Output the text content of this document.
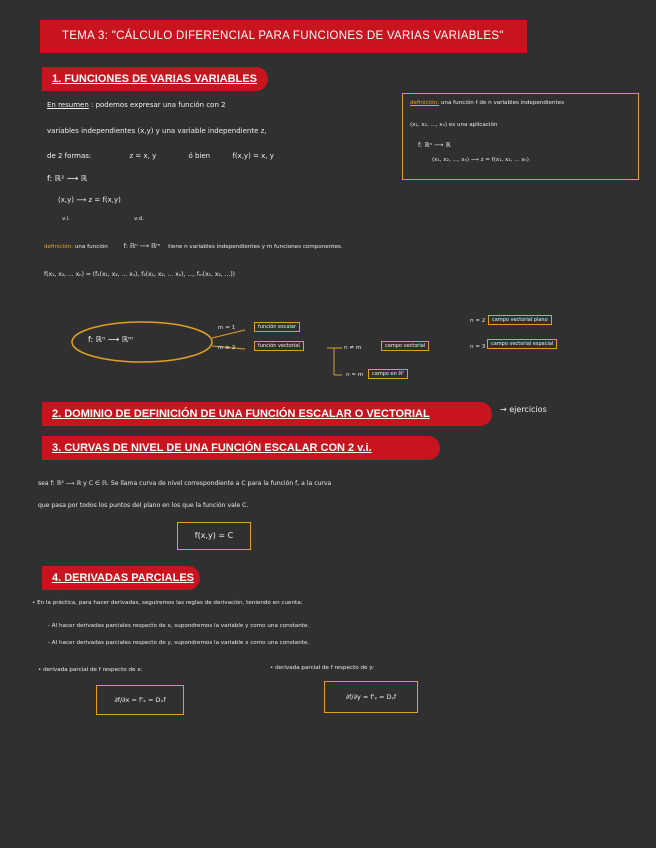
TEMA 3: "CÁLCULO DIFERENCIAL PARA FUNCIONES DE VARIAS VARIABLES"
1. FUNCIONES DE VARIAS VARIABLES
En resumen : podemos expresar una función con 2
variables independientes (x,y) y una variable independiente z,
de 2 formas:	z = x, y	ó bien	f(x,y) = x, y
f: ℝ² ⟶ ℝ
(x,y) ⟶ z = f(x,y)
v.i.	v.d.
definición: una función f de n variables independientes
(x₁, x₂, ..., xₙ) es una aplicación
f: ℝⁿ ⟶ ℝ
(x₁, x₂, ..., xₙ) ⟶ z = f(x₁, x₂, ... xₙ)
definición: una función f: ℝⁿ ⟶ ℝᵐ tiene n variables independientes y m funciones componentes.
f(x₁, x₂, ... xₙ) = (f₁(x₁, x₂, ... xₙ), f₂(x₁, x₂, ... xₙ), ..., fₘ(x₁, x₂, ...))
f: ℝⁿ ⟶ ℝᵐ
m = 1	función escalar
m ≥ 2	función vectorial	n ≠ m	campo vectorial
n = m	campo en ℝⁿ
n = 2	campo vectorial plano
n = 3	campo vectorial espacial
2. DOMINIO DE DEFINICIÓN DE UNA FUNCIÓN ESCALAR O VECTORIAL	→ ejercicios
3. CURVAS DE NIVEL DE UNA FUNCIÓN ESCALAR CON 2 v.i.
sea f: ℝ² ⟶ ℝ y C ∈ ℝ. Se llama curva de nivel correspondiente a C para la función f, a la curva
que pasa por todos los puntos del plano en los que la función vale C.
f(x,y) = C
4. DERIVADAS PARCIALES
• En la práctica, para hacer derivadas, seguiremos las reglas de derivación, teniendo en cuenta:
- Al hacer derivadas parciales respecto de x, supondremos la variable y como una constante.
- Al hacer derivadas parciales respecto de y, supondremos la variable x como una constante.
• derivada parcial de f respecto de x:	• derivada parcial de f respecto de y:
∂f/∂x = f'ₓ = Dₓf	∂f/∂y = f'ᵧ = Dᵧf
